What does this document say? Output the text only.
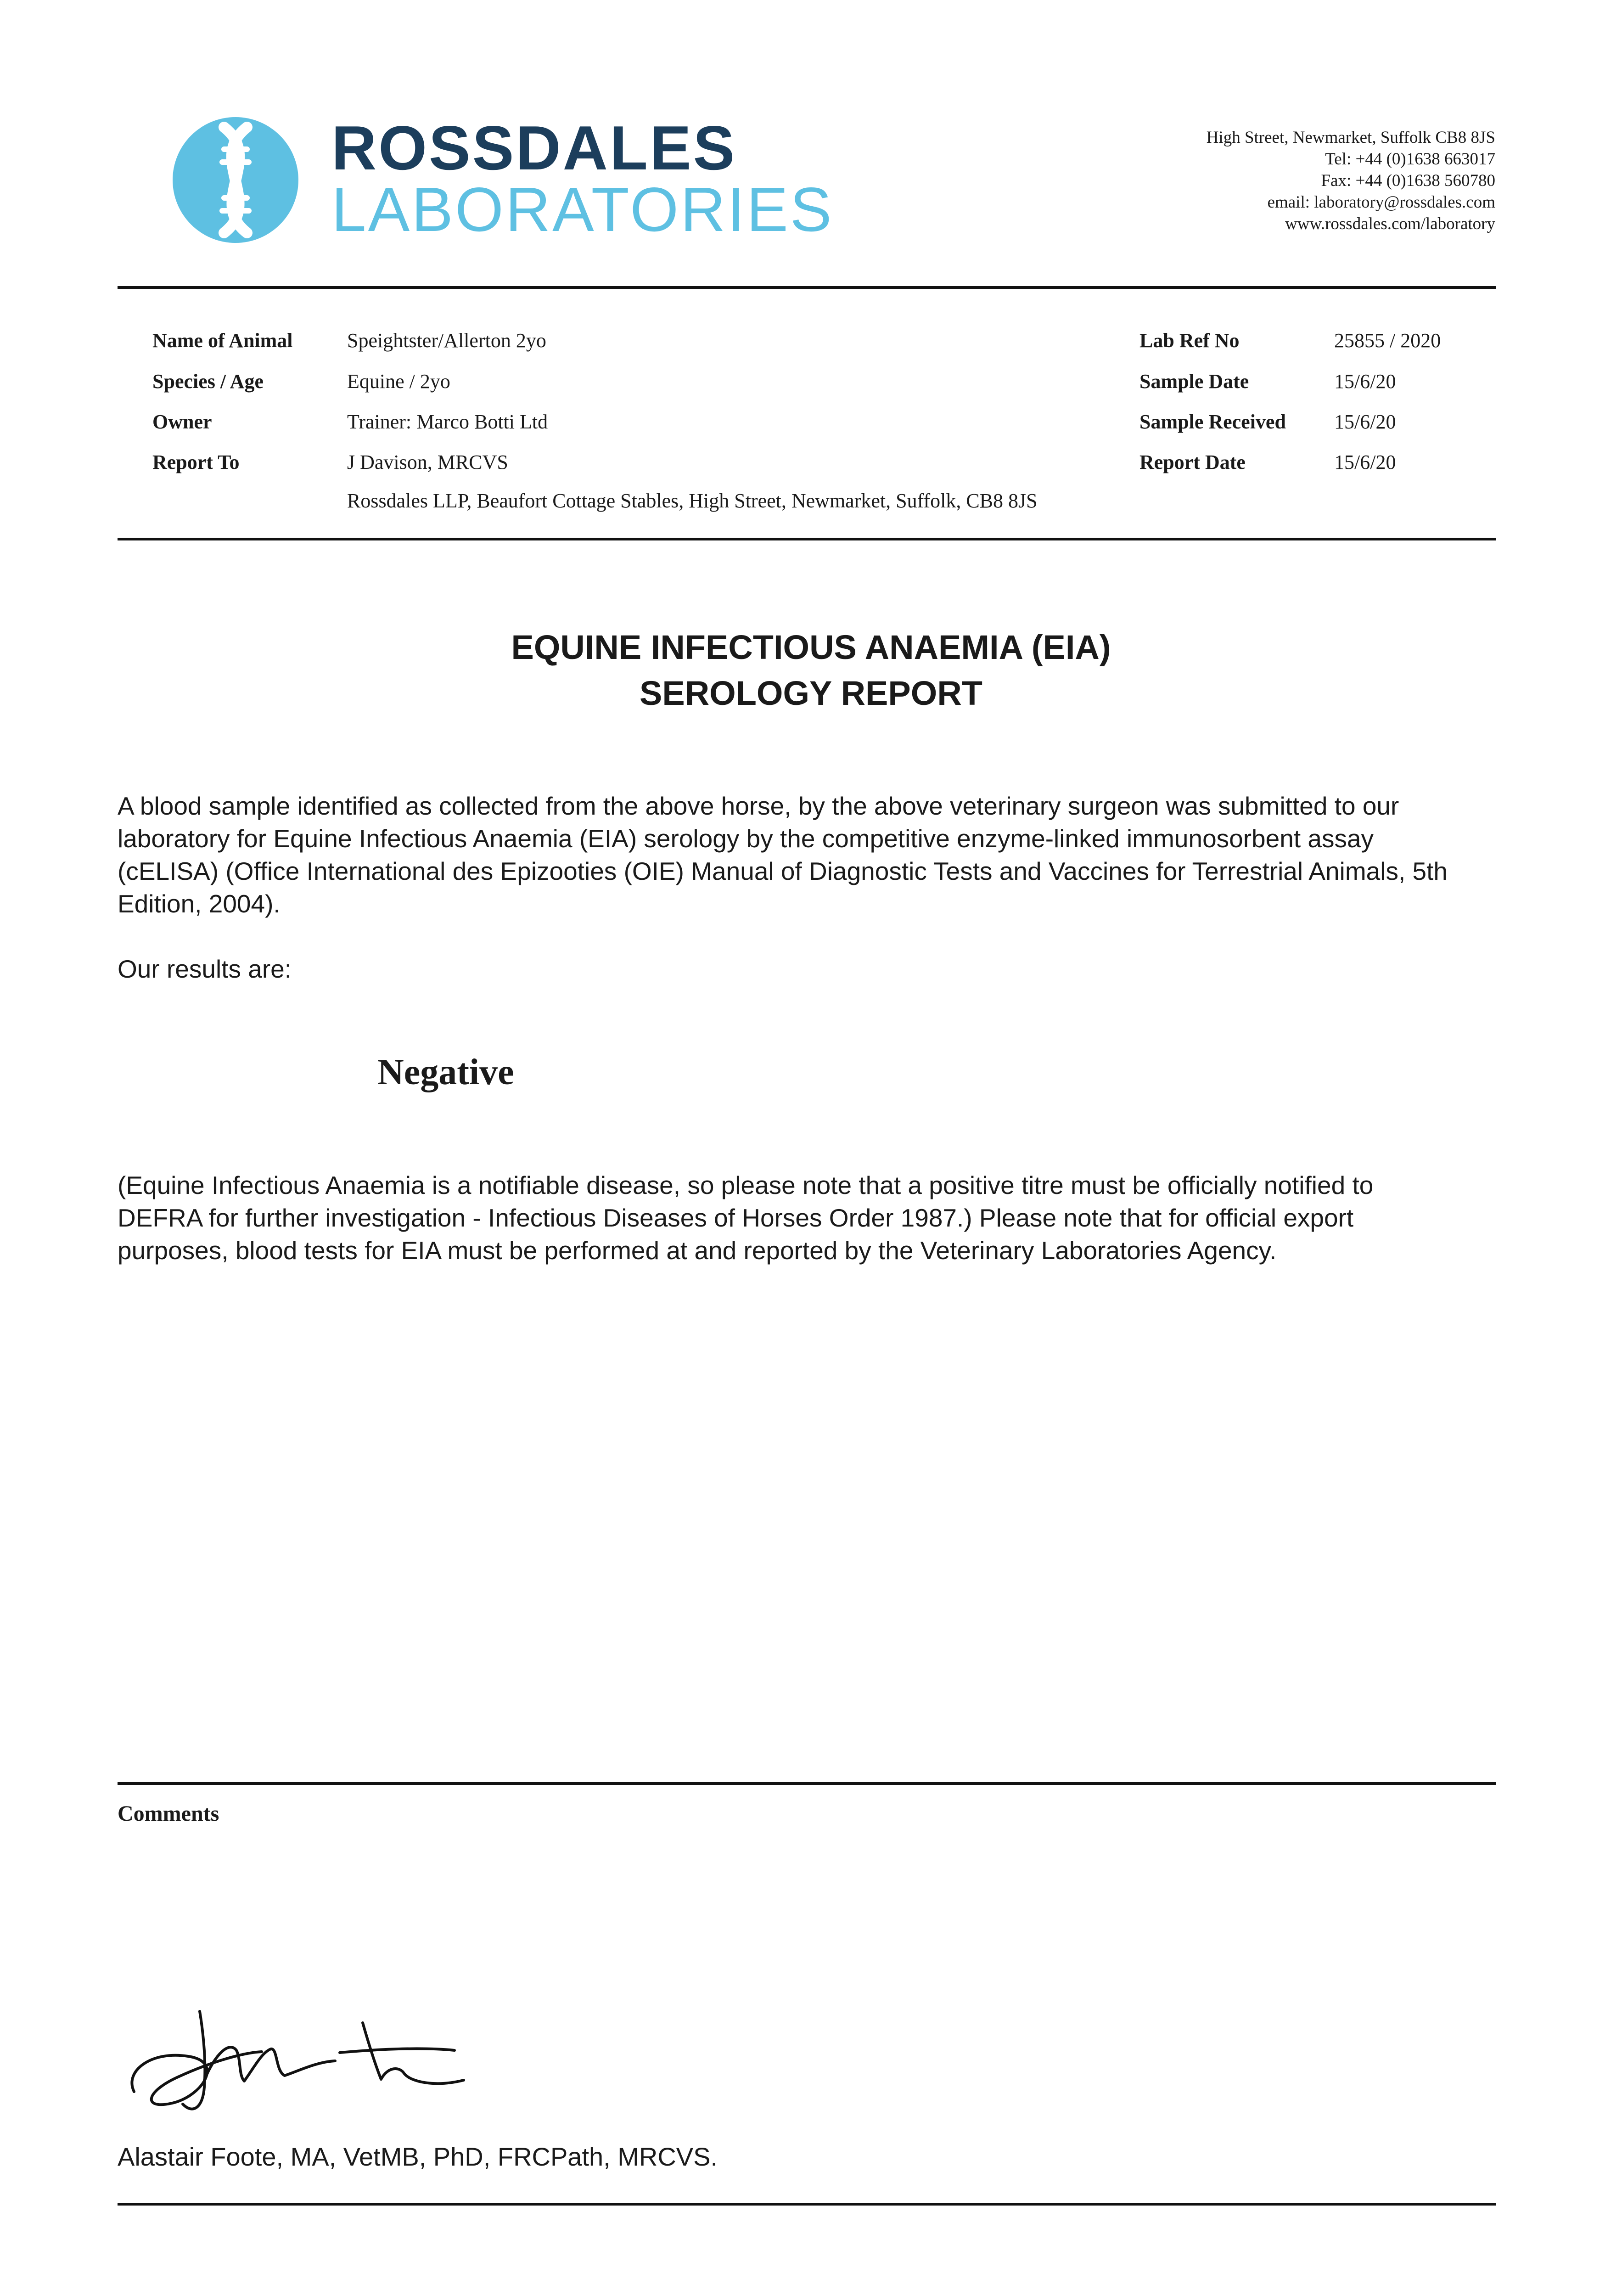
ROSSDALES
LABORATORIES
High Street, Newmarket, Suffolk CB8 8JS
Tel: +44 (0)1638 663017
Fax: +44 (0)1638 560780
email: laboratory@rossdales.com
www.rossdales.com/laboratory
Name of Animal	Speightster/Allerton 2yo
Species / Age	Equine / 2yo
Owner	Trainer: Marco Botti Ltd
Report To	J Davison, MRCVS
Rossdales LLP, Beaufort Cottage Stables, High Street, Newmarket, Suffolk, CB8 8JS
Lab Ref No	25855 / 2020
Sample Date	15/6/20
Sample Received 15/6/20
Report Date	15/6/20
EQUINE INFECTIOUS ANAEMIA (EIA)
SEROLOGY REPORT
A blood sample identified as collected from the above horse, by the above veterinary surgeon was submitted to our
laboratory for Equine Infectious Anaemia (EIA) serology by the competitive enzyme-linked immunosorbent assay
(cELISA) (Office International des Epizooties (OIE) Manual of Diagnostic Tests and Vaccines for Terrestrial Animals, 5th
Edition, 2004).
Our results are:
Negative
(Equine Infectious Anaemia is a notifiable disease, so please note that a positive titre must be officially notified to
DEFRA for further investigation - Infectious Diseases of Horses Order 1987.) Please note that for official export
purposes, blood tests for EIA must be performed at and reported by the Veterinary Laboratories Agency.
Comments
Alastair Foote, MA, VetMB, PhD, FRCPath, MRCVS.
